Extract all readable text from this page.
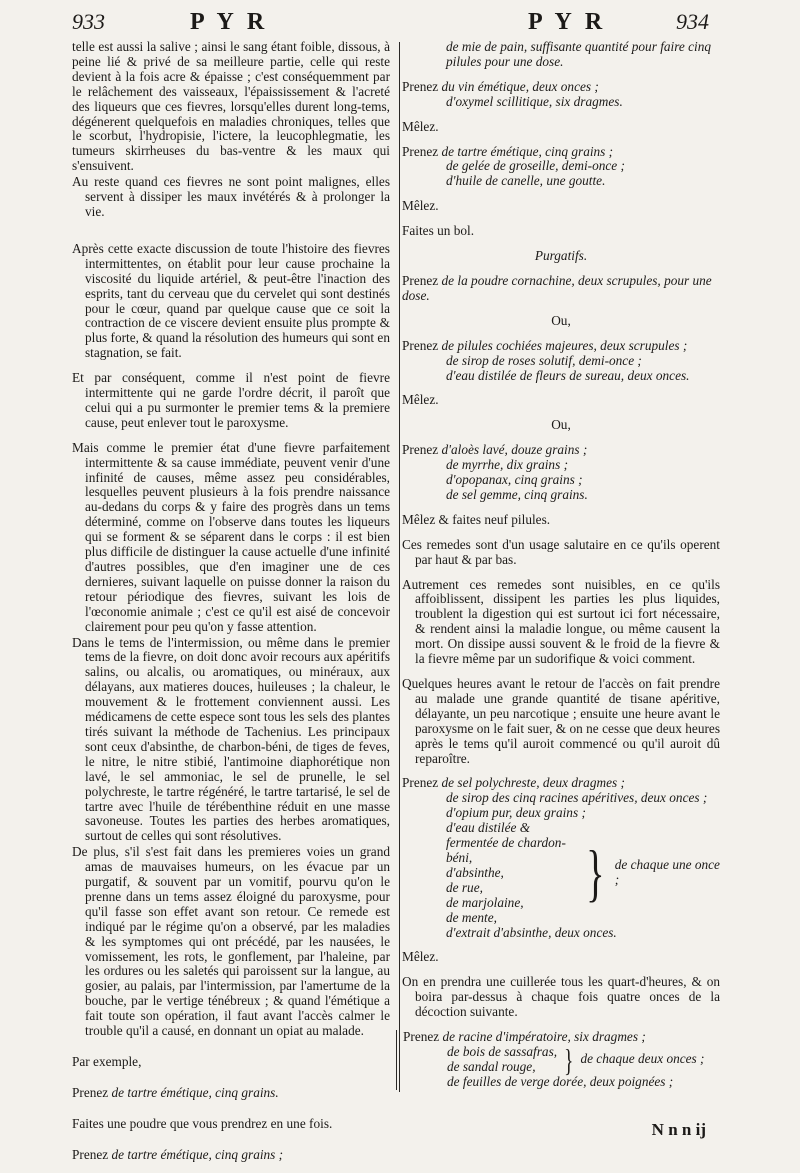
933	P Y R	P Y R	934

telle est aussi la salive ; ainsi le sang étant foible, dissous, à peine lié & privé de sa meilleure partie, celle qui reste devient à la fois acre & épaisse ; c'est conséquemment par le relâchement des vaisseaux, l'épaississement & l'acreté des liqueurs que ces fievres, lorsqu'elles durent long-tems, dégénerent quelquefois en maladies chroniques, telles que le scorbut, l'hydropisie, l'ictere, la leucophlegmatie, les tumeurs skirrheuses du bas-ventre & les maux qui s'ensuivent.

Au reste quand ces fievres ne sont point malignes, elles servent à dissiper les maux invétérés & à prolonger la vie.

Après cette exacte discussion de toute l'histoire des fievres intermittentes, on établit pour leur cause prochaine la viscosité du liquide artériel, & peut-être l'inaction des esprits, tant du cerveau que du cervelet qui sont destinés pour le cœur, quand par quelque cause que ce soit la contraction de ce viscere devient ensuite plus prompte & plus forte, & quand la résolution des humeurs qui sont en stagnation, se fait.

Et par conséquent, comme il n'est point de fievre intermittente qui ne garde l'ordre décrit, il paroît que celui qui a pu surmonter le premier tems & la premiere cause, peut enlever tout le paroxysme.

Mais comme le premier état d'une fievre parfaitement intermittente & sa cause immédiate, peuvent venir d'une infinité de causes, même assez peu considérables, lesquelles peuvent plusieurs à la fois prendre naissance au-dedans du corps & y faire des progrès dans un tems déterminé, comme on l'observe dans toutes les liqueurs qui se forment & se séparent dans le corps : il est bien plus difficile de distinguer la cause actuelle d'une infinité d'autres possibles, que d'en imaginer une de ces dernieres, suivant laquelle on puisse donner la raison du retour périodique des fievres, suivant les lois de l'œconomie animale ; c'est ce qu'il est aisé de concevoir clairement pour peu qu'on y fasse attention.

Dans le tems de l'intermission, ou même dans le premier tems de la fievre, on doit donc avoir recours aux apéritifs salins, ou alcalis, ou aromatiques, ou minéraux, aux délayans, aux matieres douces, huileuses ; la chaleur, le mouvement & le frottement conviennent aussi. Les médicamens de cette espece sont tous les sels des plantes tirés suivant la méthode de Tachenius. Les principaux sont ceux d'absinthe, de charbon-béni, de tiges de feves, le nitre, le nitre stibié, l'antimoine diaphorétique non lavé, le sel ammoniac, le sel de prunelle, le sel polychreste, le tartre régénéré, le tartre tartarisé, le sel de tartre avec l'huile de térébenthine réduit en une masse savoneuse. Toutes les parties des herbes aromatiques, surtout de celles qui sont résolutives.

De plus, s'il s'est fait dans les premieres voies un grand amas de mauvaises humeurs, on les évacue par un purgatif, & souvent par un vomitif, pourvu qu'on le prenne dans un tems assez éloigné du paroxysme, pour qu'il fasse son effet avant son retour. Ce remede est indiqué par le régime qu'on a observé, par les maladies & les symptomes qui ont précédé, par les nausées, le vomissement, les rots, le gonflement, par l'haleine, par les ordures ou les saletés qui paroissent sur la langue, au gosier, au palais, par l'intermission, par l'amertume de la bouche, par le vertige ténébreux ; & quand l'émétique a fait toute son opération, il faut avant l'accès calmer le trouble qu'il a causé, en donnant un opiat au malade.

Par exemple,
Prenez de tartre émétique, cinq grains.
Faites une poudre que vous prendrez en une fois.
Prenez de tartre émétique, cinq grains ;
de mie de pain, suffisante quantité pour faire cinq pilules pour une dose.
Prenez du vin émétique, deux onces ;
d'oxymel scillitique, six dragmes.
Mêlez.
Prenez de tartre émétique, cinq grains ;
de gelée de groseille, demi-once ;
d'huile de canelle, une goutte.
Mêlez.
Faites un bol.
Purgatifs.
Prenez de la poudre cornachine, deux scrupules, pour une dose.
Ou,
Prenez de pilules cochiées majeures, deux scrupules ;
de sirop de roses solutif, demi-once ;
d'eau distilée de fleurs de sureau, deux onces.
Mêlez.
Ou,
Prenez d'aloès lavé, douze grains ;
de myrrhe, dix grains ;
d'opopanax, cinq grains ;
de sel gemme, cinq grains.
Mêlez & faites neuf pilules.

Ces remedes sont d'un usage salutaire en ce qu'ils operent par haut & par bas.

Autrement ces remedes sont nuisibles, en ce qu'ils affoiblissent, dissipent les parties les plus liquides, troublent la digestion qui est surtout ici fort nécessaire, & rendent ainsi la maladie longue, ou même causent la mort. On dissipe aussi souvent & le froid de la fievre & la fievre même par un sudorifique & voici comment.

Quelques heures avant le retour de l'accès on fait prendre au malade une grande quantité de tisane apéritive, délayante, un peu narcotique ; ensuite une heure avant le paroxysme on le fait suer, & on ne cesse que deux heures après le tems qu'il auroit commencé ou qu'il auroit dû reparoître.

Prenez de sel polychreste, deux dragmes ;
de sirop des cinq racines apéritives, deux onces ;
d'opium pur, deux grains ;
d'eau distilée & fermentée de chardon-béni,
d'absinthe,
de rue,
de marjolaine,
de mente,
} de chaque une once ;
d'extrait d'absinthe, deux onces.
Mêlez.

On en prendra une cuillerée tous les quart-d'heures, & on boira par-dessus à chaque fois quatre onces de la décoction suivante.

Prenez de racine d'impératoire, six dragmes ;
de bois de sassafras,
de sandal rouge, } de chaque deux onces ;
de feuilles de verge dorée, deux poignées ;
N n n ij
